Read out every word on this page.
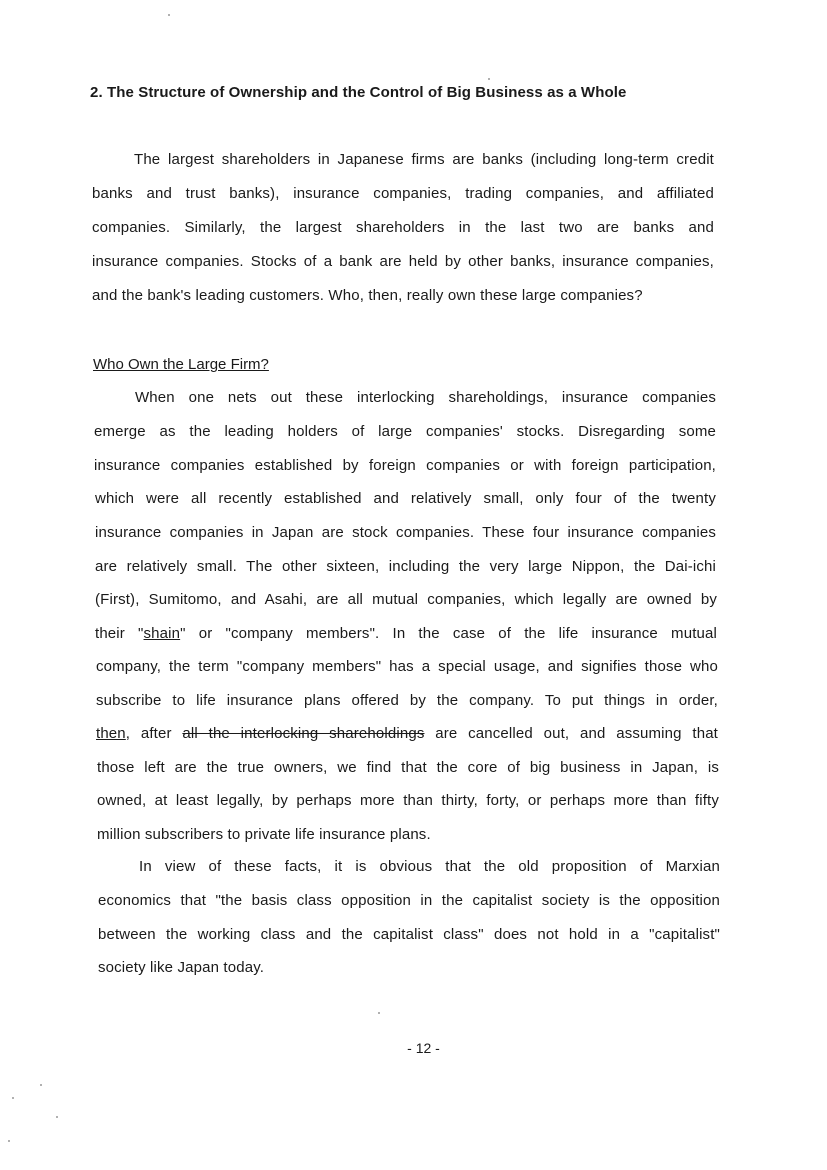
2. The Structure of Ownership and the Control of Big Business as a Whole
The largest shareholders in Japanese firms are banks (including long-term credit
banks and trust banks), insurance companies, trading companies, and affiliated
companies. Similarly, the largest shareholders in the last two are banks and
insurance companies. Stocks of a bank are held by other banks, insurance companies,
and the bank's leading customers. Who, then, really own these large companies?
Who Own the Large Firm?
When one nets out these interlocking shareholdings, insurance companies
emerge as the leading holders of large companies' stocks. Disregarding some
insurance companies established by foreign companies or with foreign participation,
which were all recently established and relatively small, only four of the twenty
insurance companies in Japan are stock companies. These four insurance companies
are relatively small. The other sixteen, including the very large Nippon, the Dai-ichi
(First), Sumitomo, and Asahi, are all mutual companies, which legally are owned by
their "shain" or "company members". In the case of the life insurance mutual
company, the term "company members" has a special usage, and signifies those who
subscribe to life insurance plans offered by the company. To put things in order,
then, after all the interlocking shareholdings are cancelled out, and assuming that
those left are the true owners, we find that the core of big business in Japan, is
owned, at least legally, by perhaps more than thirty, forty, or perhaps more than fifty
million subscribers to private life insurance plans.
In view of these facts, it is obvious that the old proposition of Marxian
economics that "the basis class opposition in the capitalist society is the opposition
between the working class and the capitalist class" does not hold in a "capitalist"
society like Japan today.
- 12 -
